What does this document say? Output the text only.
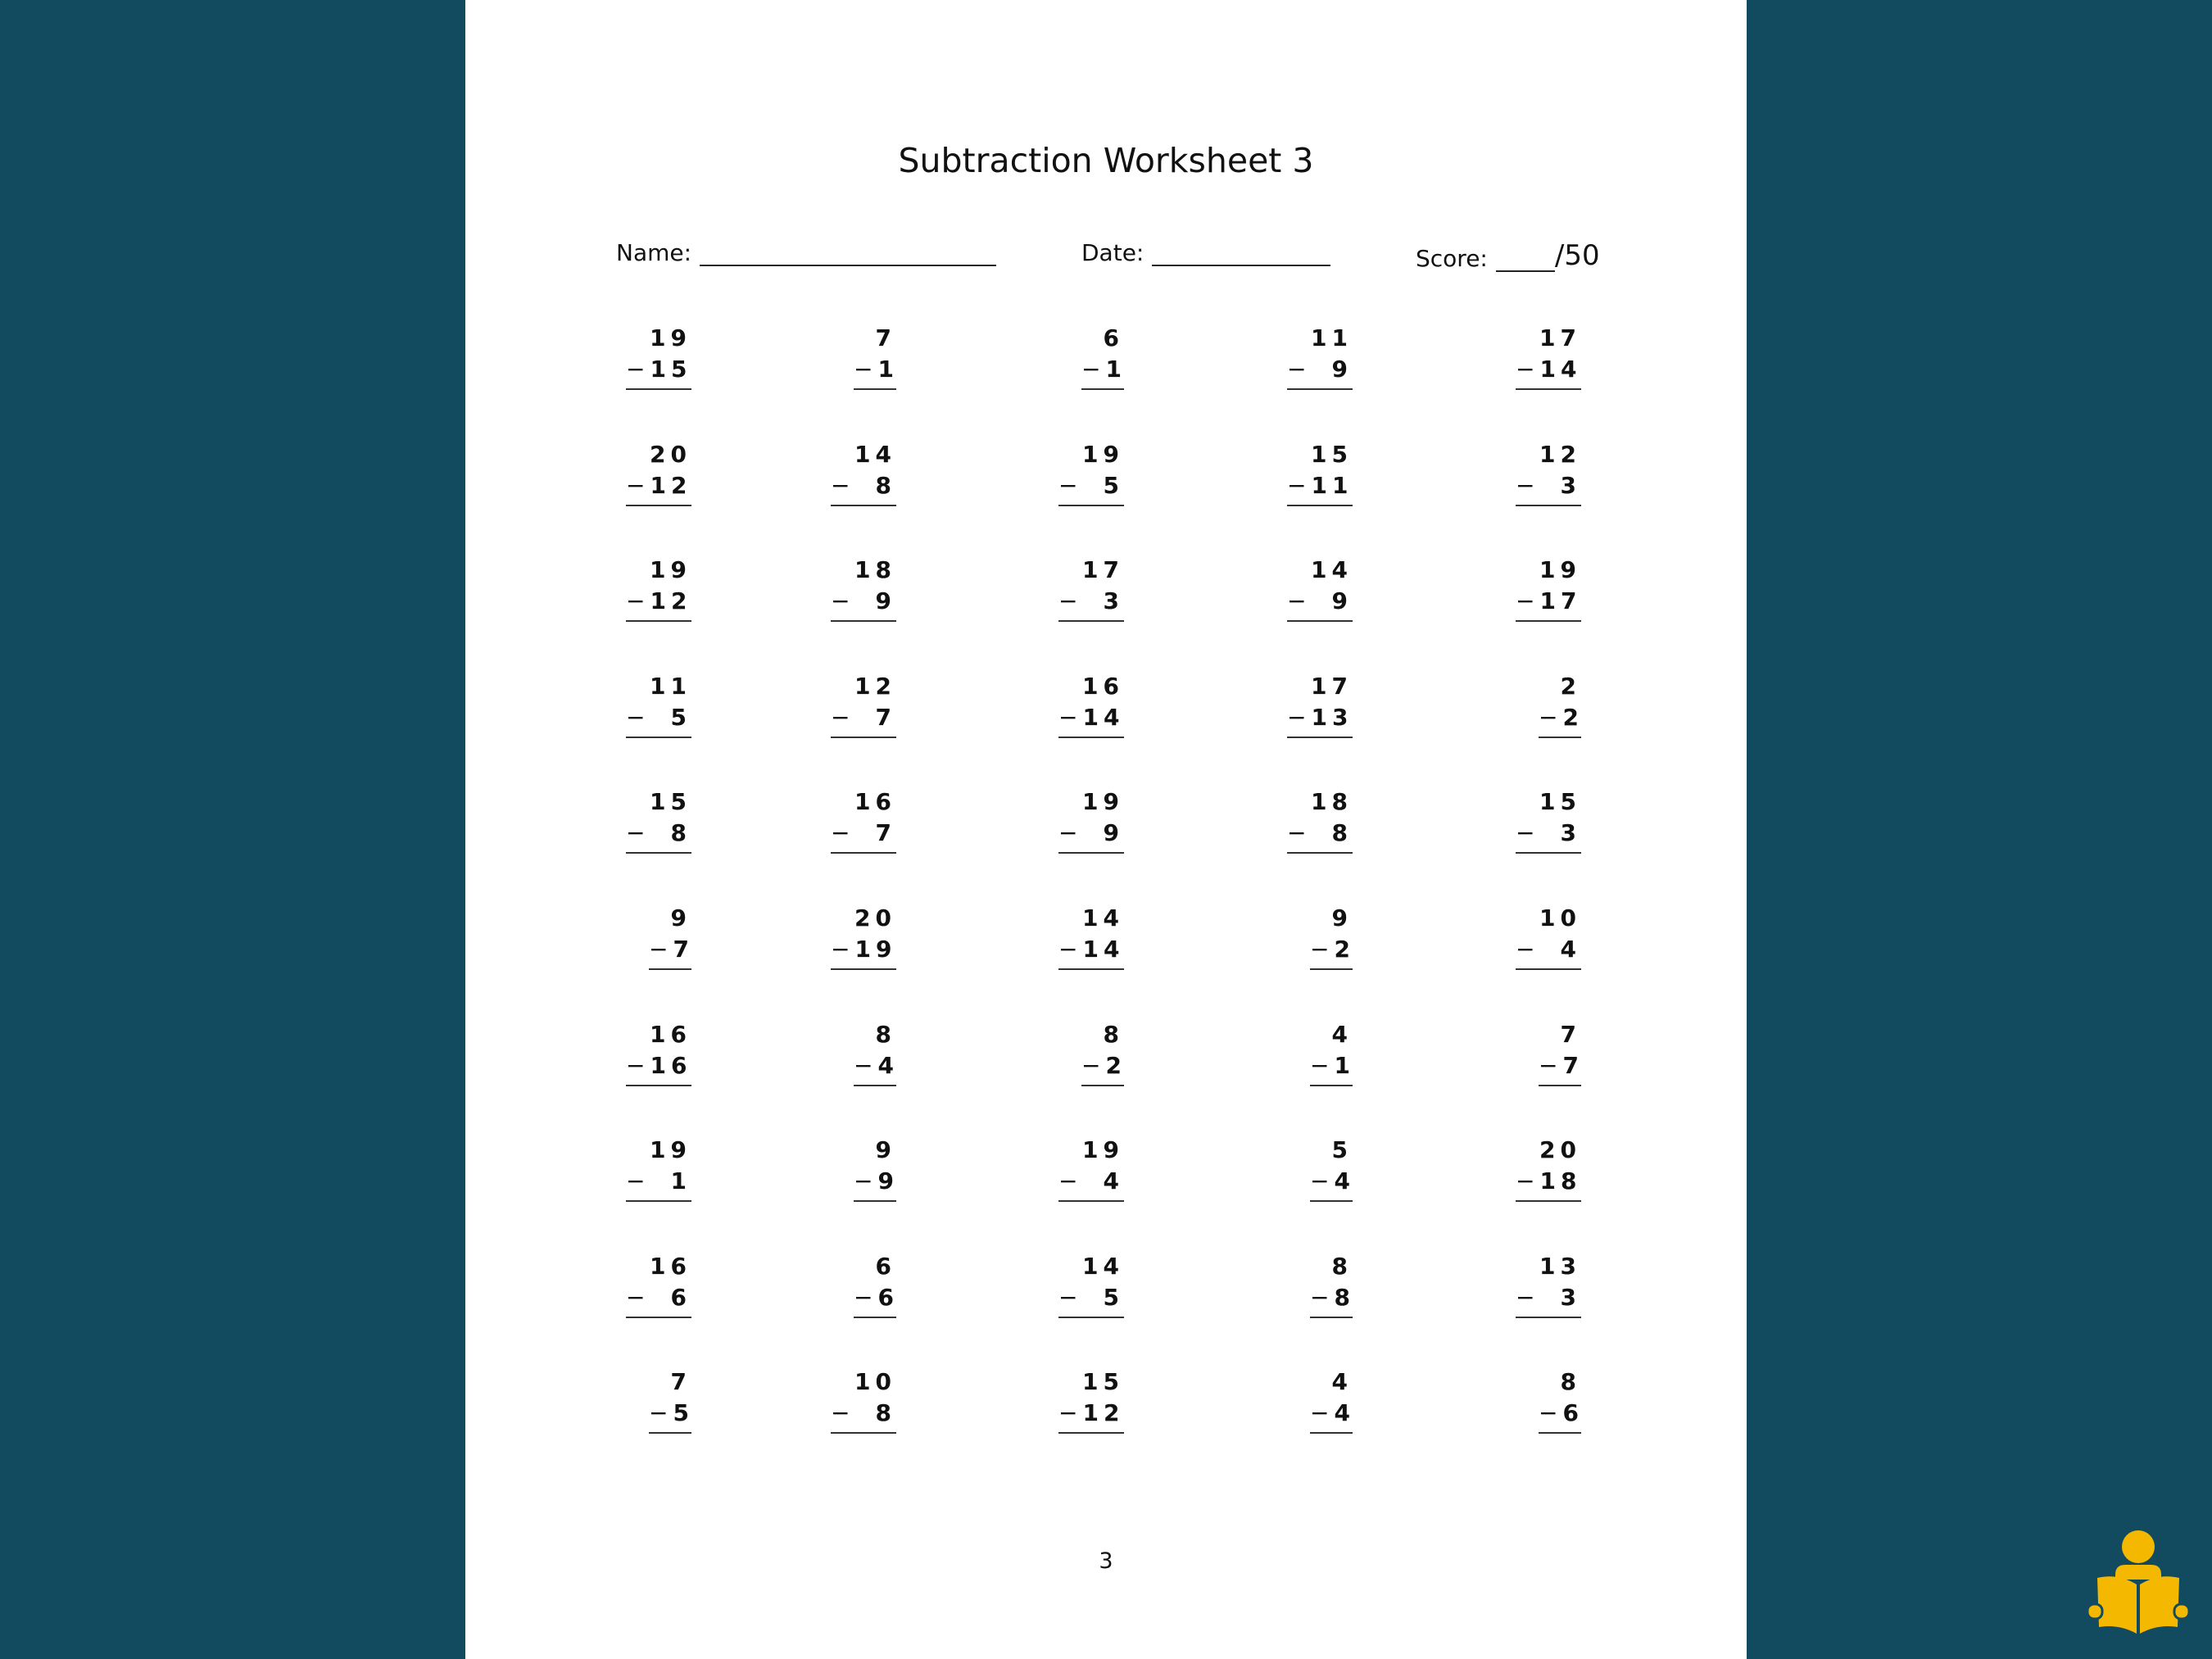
Subtraction Worksheet 3
Name:	Date:	Score: /50
19
− 15
7
− 1
6
− 1
11
− 9
17
− 14
20
− 12
14
− 8
19
− 5
15
− 11
12
− 3
19
− 12
18
− 9
17
− 3
14
− 9
19
− 17
11
− 5
12
− 7
16
− 14
17
− 13
2
− 2
15
− 8
16
− 7
19
− 9
18
− 8
15
− 3
9
− 7
20
− 19
14
− 14
9
− 2
10
− 4
16
− 16
8
− 4
8
− 2
4
− 1
7
− 7
19
− 1
9
− 9
19
− 4
5
− 4
20
− 18
16
− 6
6
− 6
14
− 5
8
− 8
13
− 3
7
− 5
10
− 8
15
− 12
4
− 4
8
− 6
3
